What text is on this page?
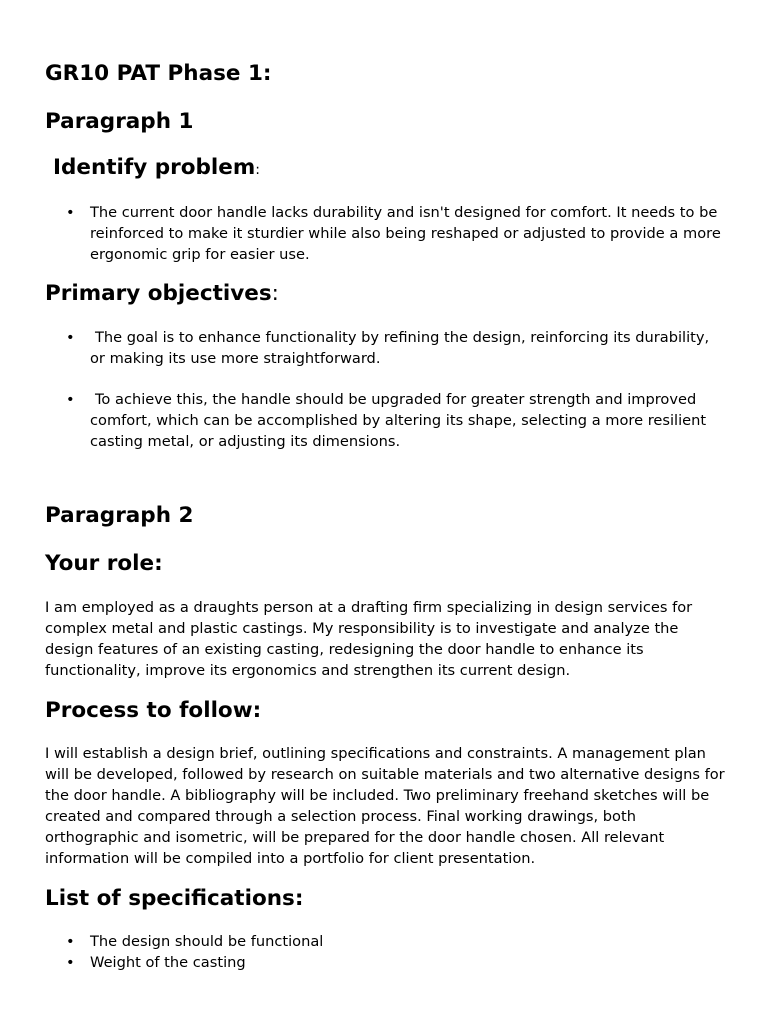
GR10 PAT Phase 1:
Paragraph 1
Identify problem:
• The current door handle lacks durability and isn't designed for comfort. It needs to be reinforced to make it sturdier while also being reshaped or adjusted to provide a more ergonomic grip for easier use.

Primary objectives:
•	The goal is to enhance functionality by refining the design, reinforcing its durability, or making its use more straightforward.

•	To achieve this, the handle should be upgraded for greater strength and improved comfort, which can be accomplished by altering its shape, selecting a more resilient casting metal, or adjusting its dimensions.

Paragraph 2
Your role:

I am employed as a draughts person at a drafting firm specializing in design services for complex metal and plastic castings. My responsibility is to investigate and analyze the design features of an existing casting, redesigning the door handle to enhance its functionality, improve its ergonomics and strengthen its current design.

Process to follow:

I will establish a design brief, outlining specifications and constraints. A management plan will be developed, followed by research on suitable materials and two alternative designs for the door handle. A bibliography will be included. Two preliminary freehand sketches will be created and compared through a selection process. Final working drawings, both orthographic and isometric, will be prepared for the door handle chosen. All relevant information will be compiled into a portfolio for client presentation.

List of specifications:
• The design should be functional

• Weight of the casting
